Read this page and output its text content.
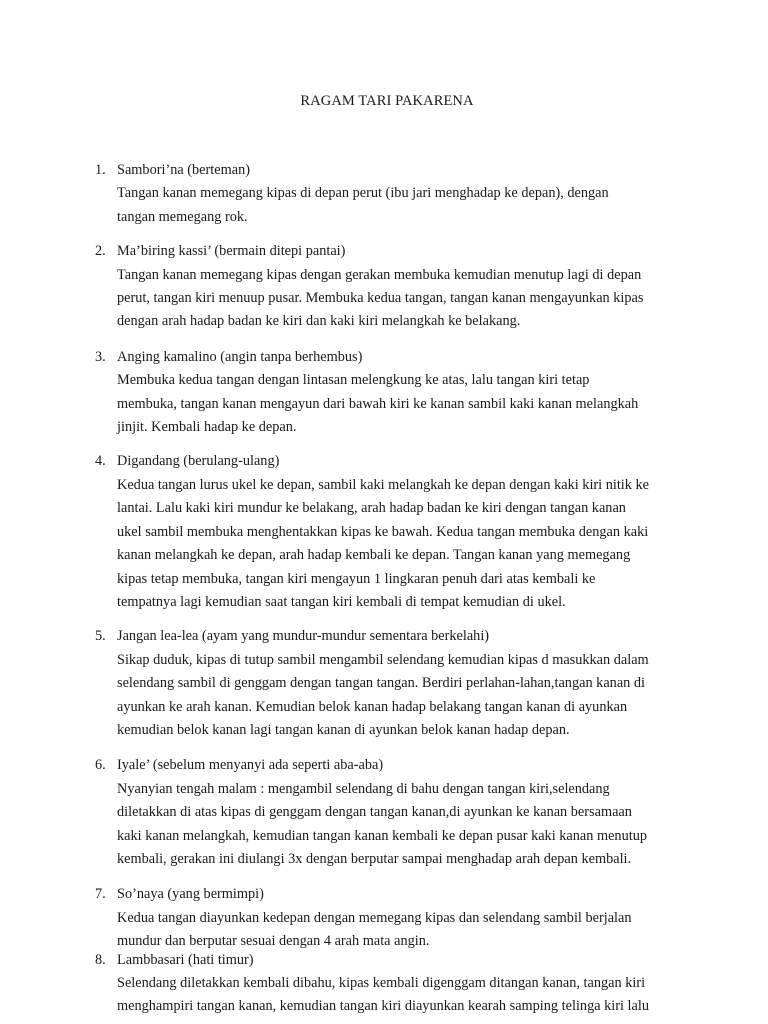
RAGAM TARI PAKARENA
1. Sambori’na (berteman)
Tangan kanan memegang kipas di depan perut (ibu jari menghadap ke depan), dengan
tangan memegang rok.
2. Ma’biring kassi’ (bermain ditepi pantai)
Tangan kanan memegang kipas dengan gerakan membuka kemudian menutup lagi di depan
perut, tangan kiri menuup pusar. Membuka kedua tangan, tangan kanan mengayunkan kipas
dengan arah hadap badan ke kiri dan kaki kiri melangkah ke belakang.
3. Anging kamalino (angin tanpa berhembus)
Membuka kedua tangan dengan lintasan melengkung ke atas, lalu tangan kiri tetap
membuka, tangan kanan mengayun dari bawah kiri ke kanan sambil kaki kanan melangkah
jinjit. Kembali hadap ke depan.
4. Digandang (berulang-ulang)
Kedua tangan lurus ukel ke depan, sambil kaki melangkah ke depan dengan kaki kiri nitik ke
lantai. Lalu kaki kiri mundur ke belakang, arah hadap badan ke kiri dengan tangan kanan
ukel sambil membuka menghentakkan kipas ke bawah. Kedua tangan membuka dengan kaki
kanan melangkah ke depan, arah hadap kembali ke depan. Tangan kanan yang memegang
kipas tetap membuka, tangan kiri mengayun 1 lingkaran penuh dari atas kembali ke
tempatnya lagi kemudian saat tangan kiri kembali di tempat kemudian di ukel.
5. Jangan lea-lea (ayam yang mundur-mundur sementara berkelahi)
Sikap duduk, kipas di tutup sambil mengambil selendang kemudian kipas d masukkan dalam
selendang sambil di genggam dengan tangan tangan. Berdiri perlahan-lahan,tangan kanan di
ayunkan ke arah kanan. Kemudian belok kanan hadap belakang tangan kanan di ayunkan
kemudian belok kanan lagi tangan kanan di ayunkan belok kanan hadap depan.
6. Iyale’ (sebelum menyanyi ada seperti aba-aba)
Nyanyian tengah malam : mengambil selendang di bahu dengan tangan kiri,selendang
diletakkan di atas kipas di genggam dengan tangan kanan,di ayunkan ke kanan bersamaan
kaki kanan melangkah, kemudian tangan kanan kembali ke depan pusar kaki kanan menutup
kembali, gerakan ini diulangi 3x dengan berputar sampai menghadap arah depan kembali.
7. So’naya (yang bermimpi)
Kedua tangan diayunkan kedepan dengan memegang kipas dan selendang sambil berjalan
mundur dan berputar sesuai dengan 4 arah mata angin.
8. Lambbasari (hati timur)
Selendang diletakkan kembali dibahu, kipas kembali digenggam ditangan kanan, tangan kiri
menghampiri tangan kanan, kemudian tangan kiri diayunkan kearah samping telinga kiri lalu
